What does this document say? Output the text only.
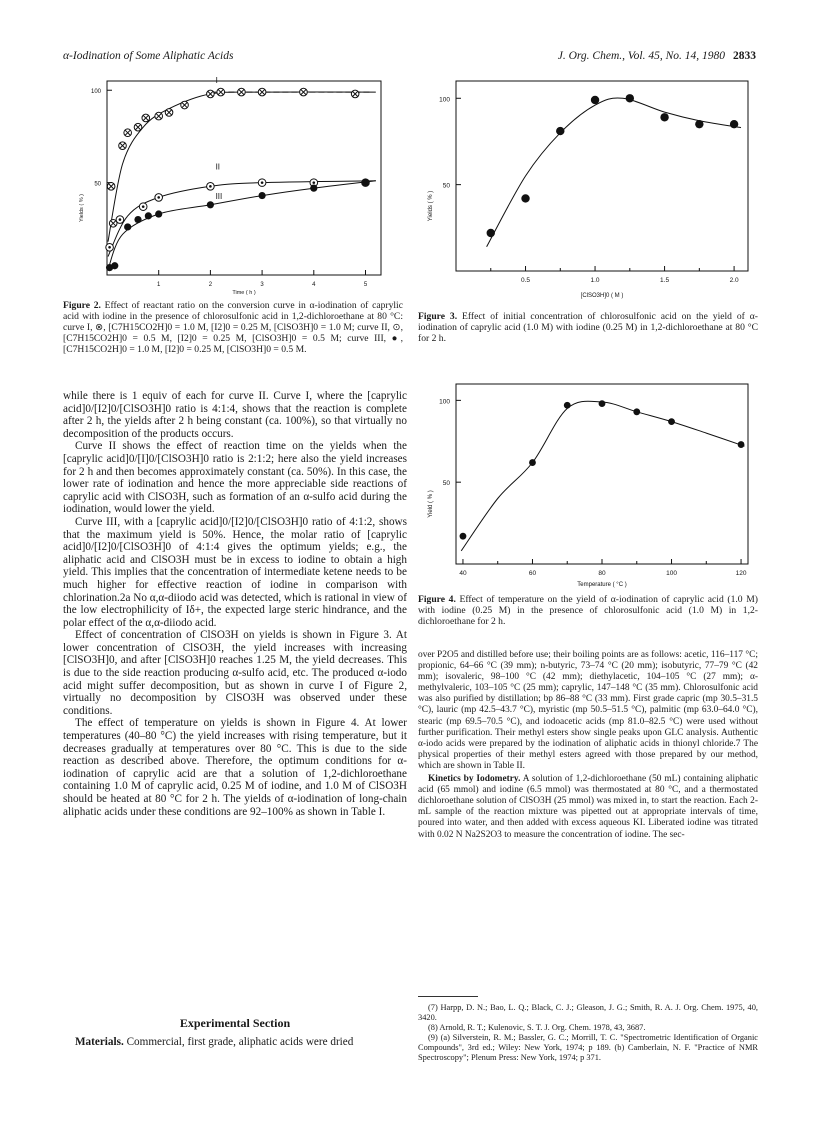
α-Iodination of Some Aliphatic Acids	J. Org. Chem., Vol. 45, No. 14, 1980 2833
1	2	3	4	5
100
50
Time ( h )
Yields ( % )
I
II
III
Figure 2. Effect of reactant ratio on the conversion curve in α-iodination of caprylic acid with iodine in the presence of chlorosulfonic acid in 1,2-dichloroethane at 80 °C: curve I, ⊗, [C7H15CO2H]0 = 1.0 M, [I2]0 = 0.25 M, [ClSO3H]0 = 1.0 M; curve II, ⊙, [C7H15CO2H]0 = 0.5 M, [I2]0 = 0.25 M, [ClSO3H]0 = 0.5 M; curve III, ●, [C7H15CO2H]0 = 1.0 M, [I2]0 = 0.25 M, [ClSO3H]0 = 0.5 M.
0.5	1.0	1.5	2.0
100
50
[ClSO3H]0 ( M )
Yields ( % )
Figure 3. Effect of initial concentration of chlorosulfonic acid on the yield of α-iodination of caprylic acid (1.0 M) with iodine (0.25 M) in 1,2-dichloroethane at 80 °C for 2 h.
40	60	80	100	120
100
50
Temperature ( °C )
Yield ( % )
Figure 4. Effect of temperature on the yield of α-iodination of caprylic acid (1.0 M) with iodine (0.25 M) in the presence of chlorosulfonic acid (1.0 M) in 1,2-dichloroethane for 2 h.

while there is 1 equiv of each for curve II. Curve I, where the [caprylic acid]0/[I2]0/[ClSO3H]0 ratio is 4:1:4, shows that the reaction is complete after 2 h, the yields after 2 h being constant (ca. 100%), so that virtually no decomposition of the products occurs.

Curve II shows the effect of reaction time on the yields when the [caprylic acid]0/[I]0/[ClSO3H]0 ratio is 2:1:2; here also the yield increases for 2 h and then becomes approximately constant (ca. 50%). In this case, the lower rate of iodination and hence the more appreciable side reactions of caprylic acid with ClSO3H, such as formation of an α-sulfo acid during the iodination, would lower the yield.

Curve III, with a [caprylic acid]0/[I2]0/[ClSO3H]0 ratio of 4:1:2, shows that the maximum yield is 50%. Hence, the molar ratio of [caprylic acid]0/[I2]0/[ClSO3H]0 of 4:1:4 gives the optimum yields; e.g., the aliphatic acid and ClSO3H must be in excess to iodine to obtain a high yield. This implies that the concentration of intermediate ketene needs to be much higher for effective reaction of iodine in comparison with chlorination.2a No α,α-diiodo acid was detected, which is rational in view of the low electrophilicity of Iδ+, the expected large steric hindrance, and the polar effect of the α,α-diiodo acid.

Effect of concentration of ClSO3H on yields is shown in Figure 3. At lower concentration of ClSO3H, the yield increases with increasing [ClSO3H]0, and after [ClSO3H]0 reaches 1.25 M, the yield decreases. This is due to the side reaction producing α-sulfo acid, etc. The produced α-iodo acid might suffer decomposition, but as shown in curve I of Figure 2, virtually no decomposition by ClSO3H was observed under these conditions.

The effect of temperature on yields is shown in Figure 4. At lower temperatures (40–80 °C) the yield increases with rising temperature, but it decreases gradually at temperatures over 80 °C. This is due to the side reaction as described above. Therefore, the optimum conditions for α-iodination of caprylic acid are that a solution of 1,2-dichloroethane containing 1.0 M of caprylic acid, 0.25 M of iodine, and 1.0 M of ClSO3H should be heated at 80 °C for 2 h. The yields of α-iodination of long-chain aliphatic acids under these conditions are 92–100% as shown in Table I.

Experimental Section

Materials. Commercial, first grade, aliphatic acids were dried

over P2O5 and distilled before use; their boiling points are as follows: acetic, 116–117 °C; propionic, 64–66 °C (39 mm); n-butyric, 73–74 °C (20 mm); isobutyric, 77–79 °C (42 mm); isovaleric, 98–100 °C (42 mm); diethylacetic, 104–105 °C (27 mm); α-methylvaleric, 103–105 °C (25 mm); caprylic, 147–148 °C (35 mm). Chlorosulfonic acid was also purified by distillation; bp 86–88 °C (33 mm). First grade capric (mp 30.5–31.5 °C), lauric (mp 42.5–43.7 °C), myristic (mp 50.5–51.5 °C), palmitic (mp 63.0–64.0 °C), stearic (mp 69.5–70.5 °C), and iodoacetic acids (mp 81.0–82.5 °C) were used without further purification. Their methyl esters show single peaks upon GLC analysis. Authentic α-iodo acids were prepared by the iodination of aliphatic acids in thionyl chloride.7 The physical properties of their methyl esters agreed with those prepared by our method, which are shown in Table II.

Kinetics by Iodometry. A solution of 1,2-dichloroethane (50 mL) containing aliphatic acid (65 mmol) and iodine (6.5 mmol) was thermostated at 80 °C, and a thermostated dichloroethane solution of ClSO3H (25 mmol) was mixed in, to start the reaction. Each 2-mL sample of the reaction mixture was pipetted out at appropriate intervals of time, poured into water, and then added with excess aqueous KI. Liberated iodine was titrated with 0.02 N Na2S2O3 to measure the concentration of iodine. The sec-

(7) Harpp, D. N.; Bao, L. Q.; Black, C. J.; Gleason, J. G.; Smith, R. A. J. Org. Chem. 1975, 40, 3420.

(8) Arnold, R. T.; Kulenovic, S. T. J. Org. Chem. 1978, 43, 3687.

(9) (a) Silverstein, R. M.; Bassler, G. C.; Morrill, T. C. "Spectrometric Identification of Organic Compounds", 3rd ed.; Wiley: New York, 1974; p 189. (b) Camberlain, N. F. "Practice of NMR Spectroscopy"; Plenum Press: New York, 1974; p 371.
